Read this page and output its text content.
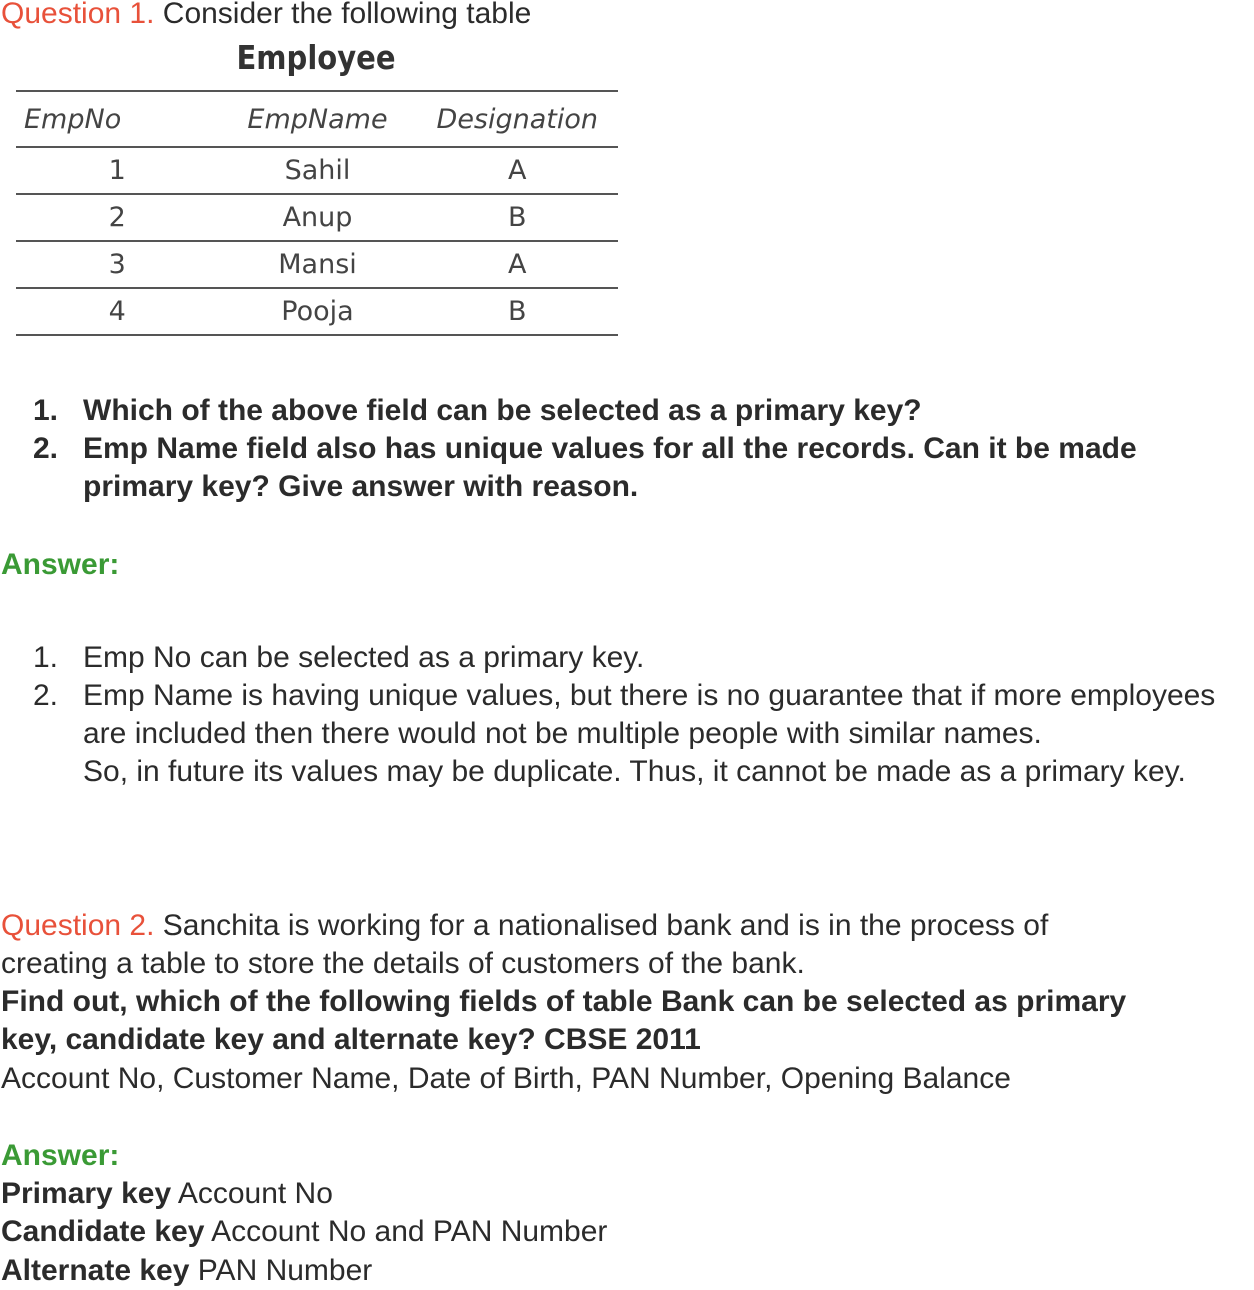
Question 1. Consider the following table
Employee
EmpNo	EmpName	Designation
1	Sahil	A
2	Anup	B
3	Mansi	A
4	Pooja	B
1. Which of the above field can be selected as a primary key?
2. Emp Name field also has unique values for all the records. Can it be made primary key? Give answer with reason.
Answer:
1. Emp No can be selected as a primary key.
2. Emp Name is having unique values, but there is no guarantee that if more employees are included then there would not be multiple people with similar names.
So, in future its values may be duplicate. Thus, it cannot be made as a primary key.
Question 2. Sanchita is working for a nationalised bank and is in the process of
creating a table to store the details of customers of the bank.
Find out, which of the following fields of table Bank can be selected as primary
key, candidate key and alternate key? CBSE 2011
Account No, Customer Name, Date of Birth, PAN Number, Opening Balance
Answer:
Primary key Account No
Candidate key Account No and PAN Number
Alternate key PAN Number
